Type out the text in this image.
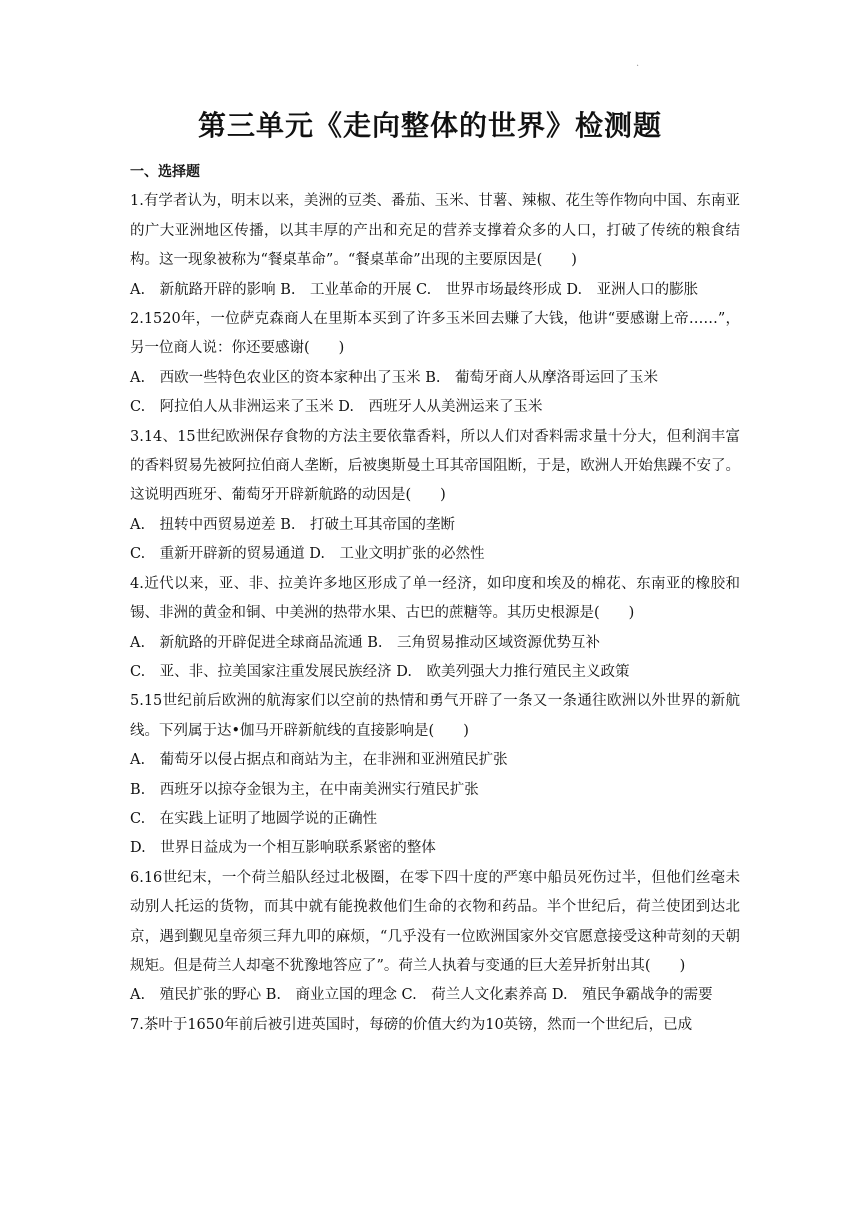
.
第三单元《走向整体的世界》检测题
一、选择题
1.有学者认为，明末以来，美洲的豆类、番茄、玉米、甘薯、辣椒、花生等作物向中国、东南亚的广大亚洲地区传播，以其丰厚的产出和充足的营养支撑着众多的人口，打破了传统的粮食结构。这一现象被称为“餐桌革命”。“餐桌革命”出现的主要原因是(　　)
A.　新航路开辟的影响 B.　工业革命的开展 C.　世界市场最终形成 D.　亚洲人口的膨胀
2.1520年，一位萨克森商人在里斯本买到了许多玉米回去赚了大钱，他讲“要感谢上帝……”，另一位商人说：你还要感谢(　　)
A.　西欧一些特色农业区的资本家种出了玉米 B.　葡萄牙商人从摩洛哥运回了玉米
C.　阿拉伯人从非洲运来了玉米 D.　西班牙人从美洲运来了玉米
3.14、15世纪欧洲保存食物的方法主要依靠香料，所以人们对香料需求量十分大，但利润丰富的香料贸易先被阿拉伯商人垄断，后被奥斯曼土耳其帝国阻断，于是，欧洲人开始焦躁不安了。这说明西班牙、葡萄牙开辟新航路的动因是(　　)
A.　扭转中西贸易逆差 B.　打破土耳其帝国的垄断
C.　重新开辟新的贸易通道 D.　工业文明扩张的必然性
4.近代以来，亚、非、拉美许多地区形成了单一经济，如印度和埃及的棉花、东南亚的橡胶和锡、非洲的黄金和铜、中美洲的热带水果、古巴的蔗糖等。其历史根源是(　　)
A.　新航路的开辟促进全球商品流通 B.　三角贸易推动区域资源优势互补
C.　亚、非、拉美国家注重发展民族经济 D.　欧美列强大力推行殖民主义政策
5.15世纪前后欧洲的航海家们以空前的热情和勇气开辟了一条又一条通往欧洲以外世界的新航线。下列属于达•伽马开辟新航线的直接影响是(　　)
A.　葡萄牙以侵占据点和商站为主，在非洲和亚洲殖民扩张
B.　西班牙以掠夺金银为主，在中南美洲实行殖民扩张
C.　在实践上证明了地圆学说的正确性
D.　世界日益成为一个相互影响联系紧密的整体
6.16世纪末，一个荷兰船队经过北极圈，在零下四十度的严寒中船员死伤过半，但他们丝毫未动别人托运的货物，而其中就有能挽救他们生命的衣物和药品。半个世纪后，荷兰使团到达北京，遇到觐见皇帝须三拜九叩的麻烦，“几乎没有一位欧洲国家外交官愿意接受这种苛刻的天朝规矩。但是荷兰人却毫不犹豫地答应了”。荷兰人执着与变通的巨大差异折射出其(　　)
A.　殖民扩张的野心 B.　商业立国的理念 C.　荷兰人文化素养高 D.　殖民争霸战争的需要
7.茶叶于1650年前后被引进英国时，每磅的价值大约为10英镑，然而一个世纪后，已成
